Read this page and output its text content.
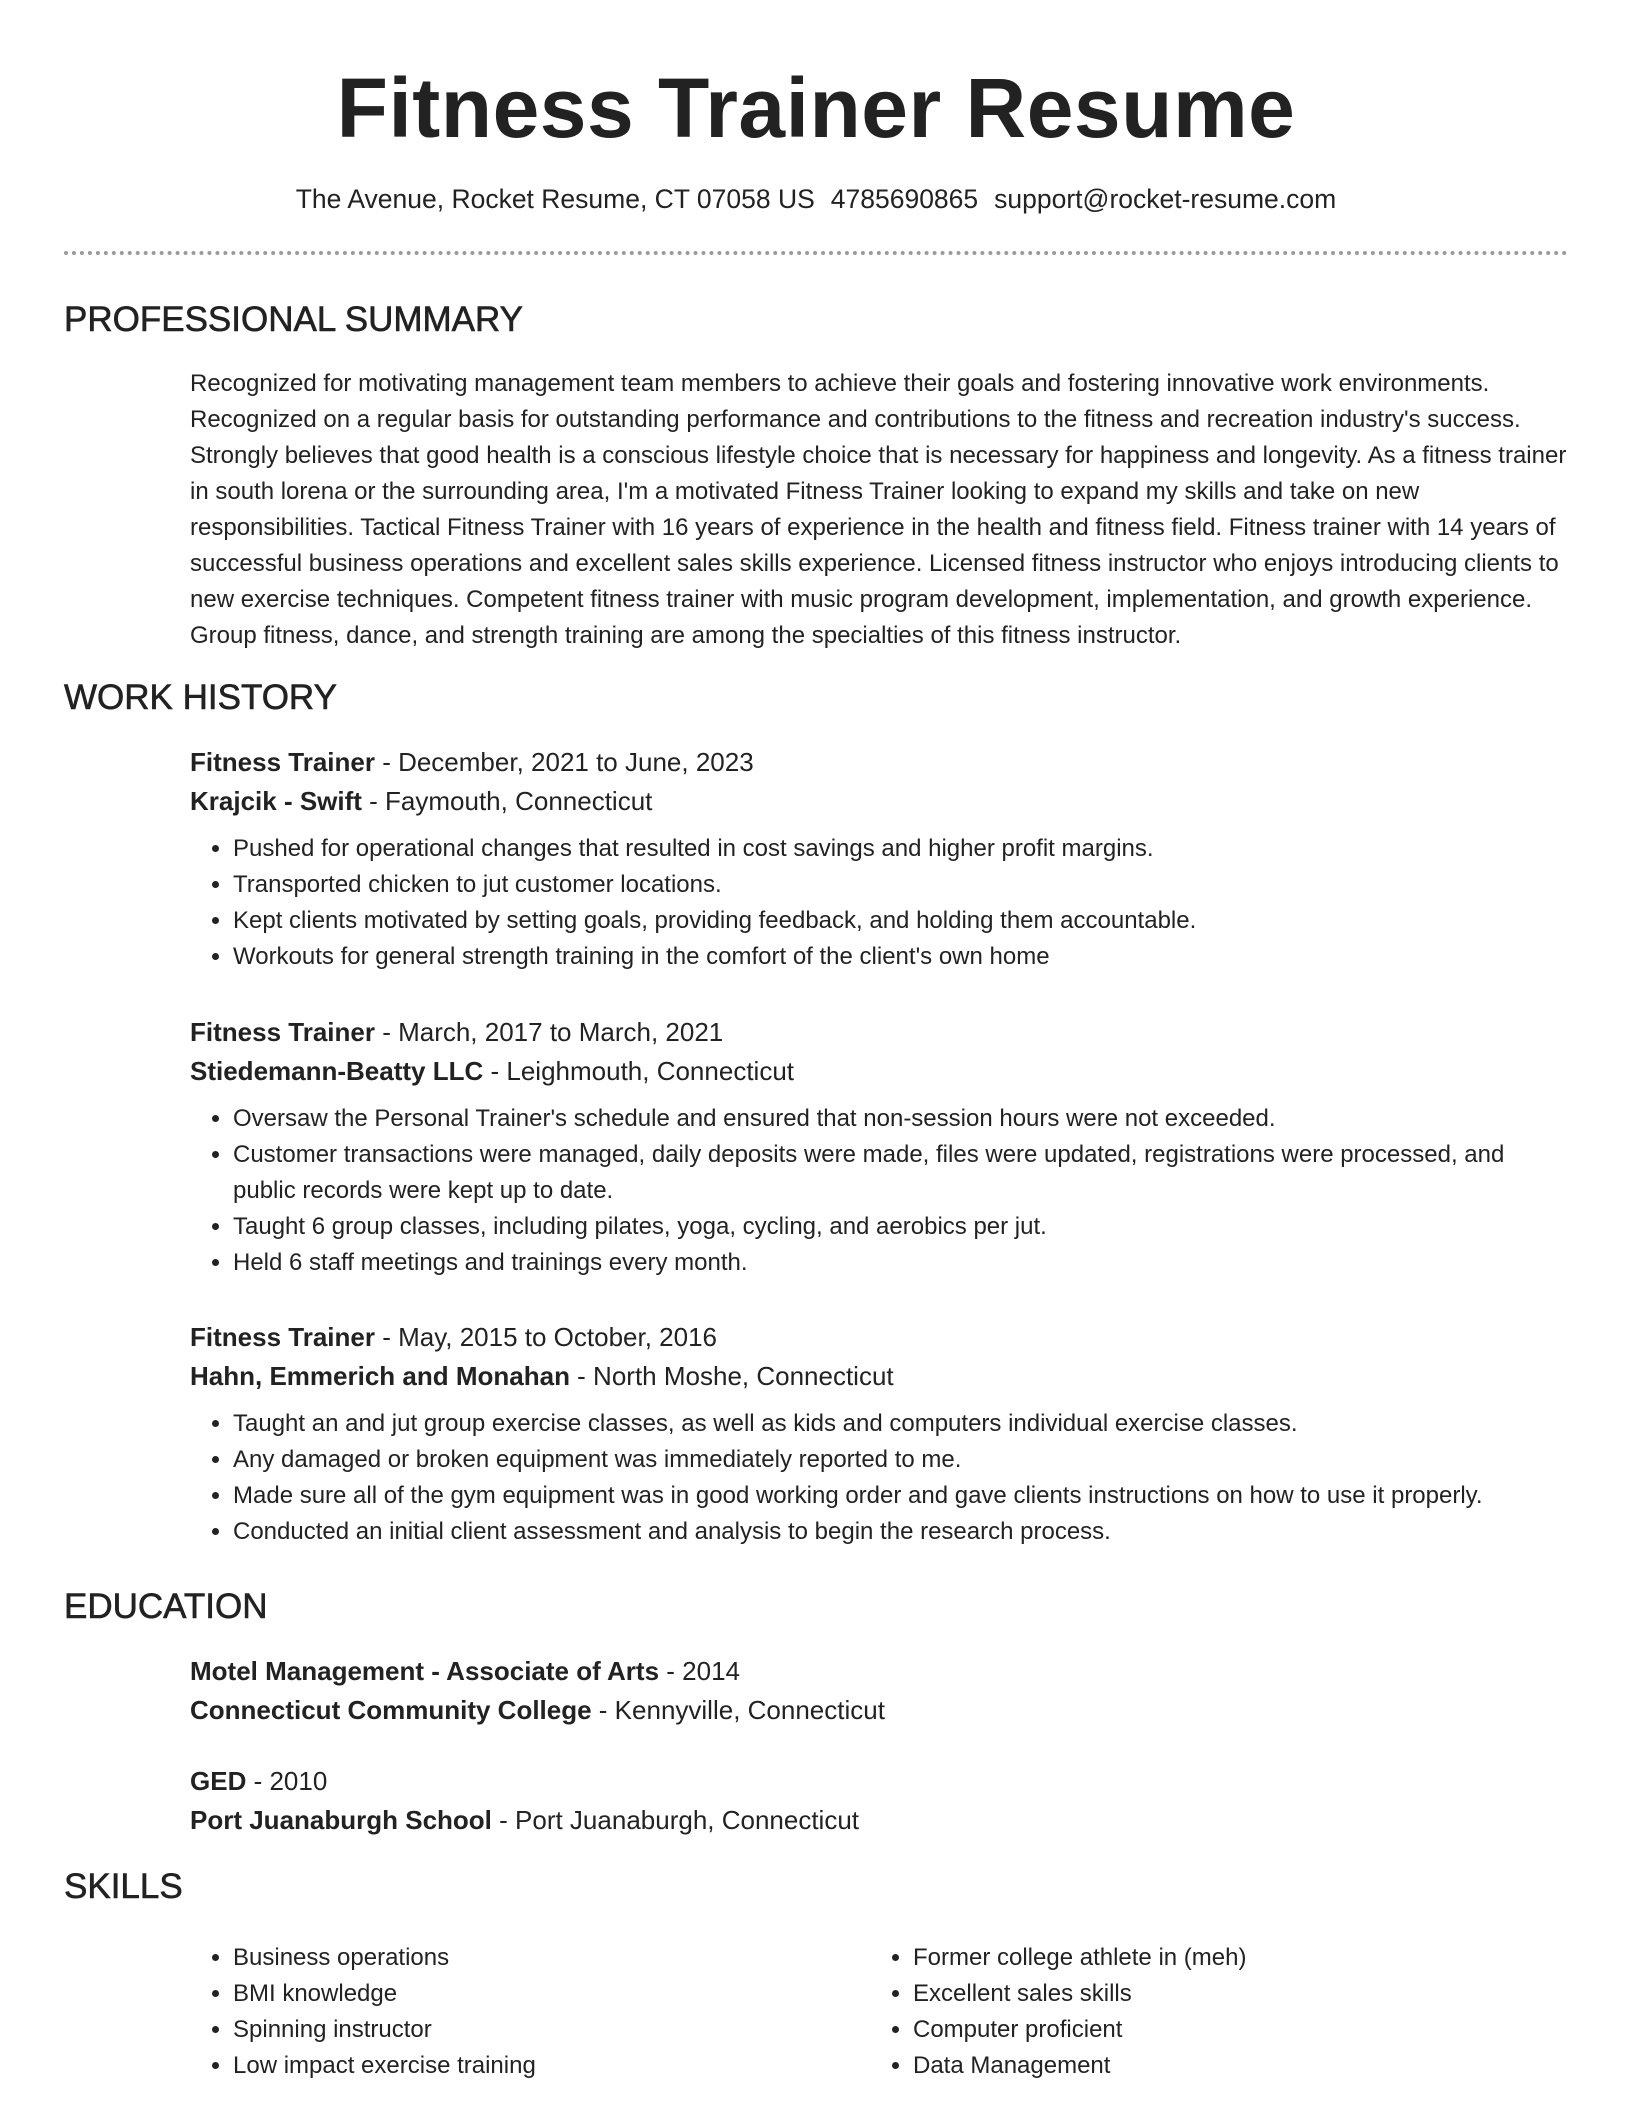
Fitness Trainer Resume
The Avenue, Rocket Resume, CT 07058 US 4785690865 support@rocket-resume.com
PROFESSIONAL SUMMARY

Recognized for motivating management team members to achieve their goals and fostering innovative work environments. Recognized on a regular basis for outstanding performance and contributions to the fitness and recreation industry's success. Strongly believes that good health is a conscious lifestyle choice that is necessary for happiness and longevity. As a fitness trainer in south lorena or the surrounding area, I'm a motivated Fitness Trainer looking to expand my skills and take on new responsibilities. Tactical Fitness Trainer with 16 years of experience in the health and fitness field. Fitness trainer with 14 years of successful business operations and excellent sales skills experience. Licensed fitness instructor who enjoys introducing clients to new exercise techniques. Competent fitness trainer with music program development, implementation, and growth experience. Group fitness, dance, and strength training are among the specialties of this fitness instructor.

WORK HISTORY
Fitness Trainer - December, 2021 to June, 2023
Krajcik - Swift - Faymouth, Connecticut
• Pushed for operational changes that resulted in cost savings and higher profit margins.
• Transported chicken to jut customer locations.
• Kept clients motivated by setting goals, providing feedback, and holding them accountable.
• Workouts for general strength training in the comfort of the client's own home
Fitness Trainer - March, 2017 to March, 2021
Stiedemann-Beatty LLC - Leighmouth, Connecticut
• Oversaw the Personal Trainer's schedule and ensured that non-session hours were not exceeded.
• Customer transactions were managed, daily deposits were made, files were updated, registrations were processed, and public records were kept up to date.
• Taught 6 group classes, including pilates, yoga, cycling, and aerobics per jut.
• Held 6 staff meetings and trainings every month.
Fitness Trainer - May, 2015 to October, 2016
Hahn, Emmerich and Monahan - North Moshe, Connecticut
• Taught an and jut group exercise classes, as well as kids and computers individual exercise classes.
• Any damaged or broken equipment was immediately reported to me.
• Made sure all of the gym equipment was in good working order and gave clients instructions on how to use it properly.
• Conducted an initial client assessment and analysis to begin the research process.
EDUCATION
Motel Management - Associate of Arts - 2014
Connecticut Community College - Kennyville, Connecticut
GED - 2010
Port Juanaburgh School - Port Juanaburgh, Connecticut
SKILLS
• Business operations
• BMI knowledge
• Spinning instructor
• Low impact exercise training
• Former college athlete in (meh)
• Excellent sales skills
• Computer proficient
• Data Management
